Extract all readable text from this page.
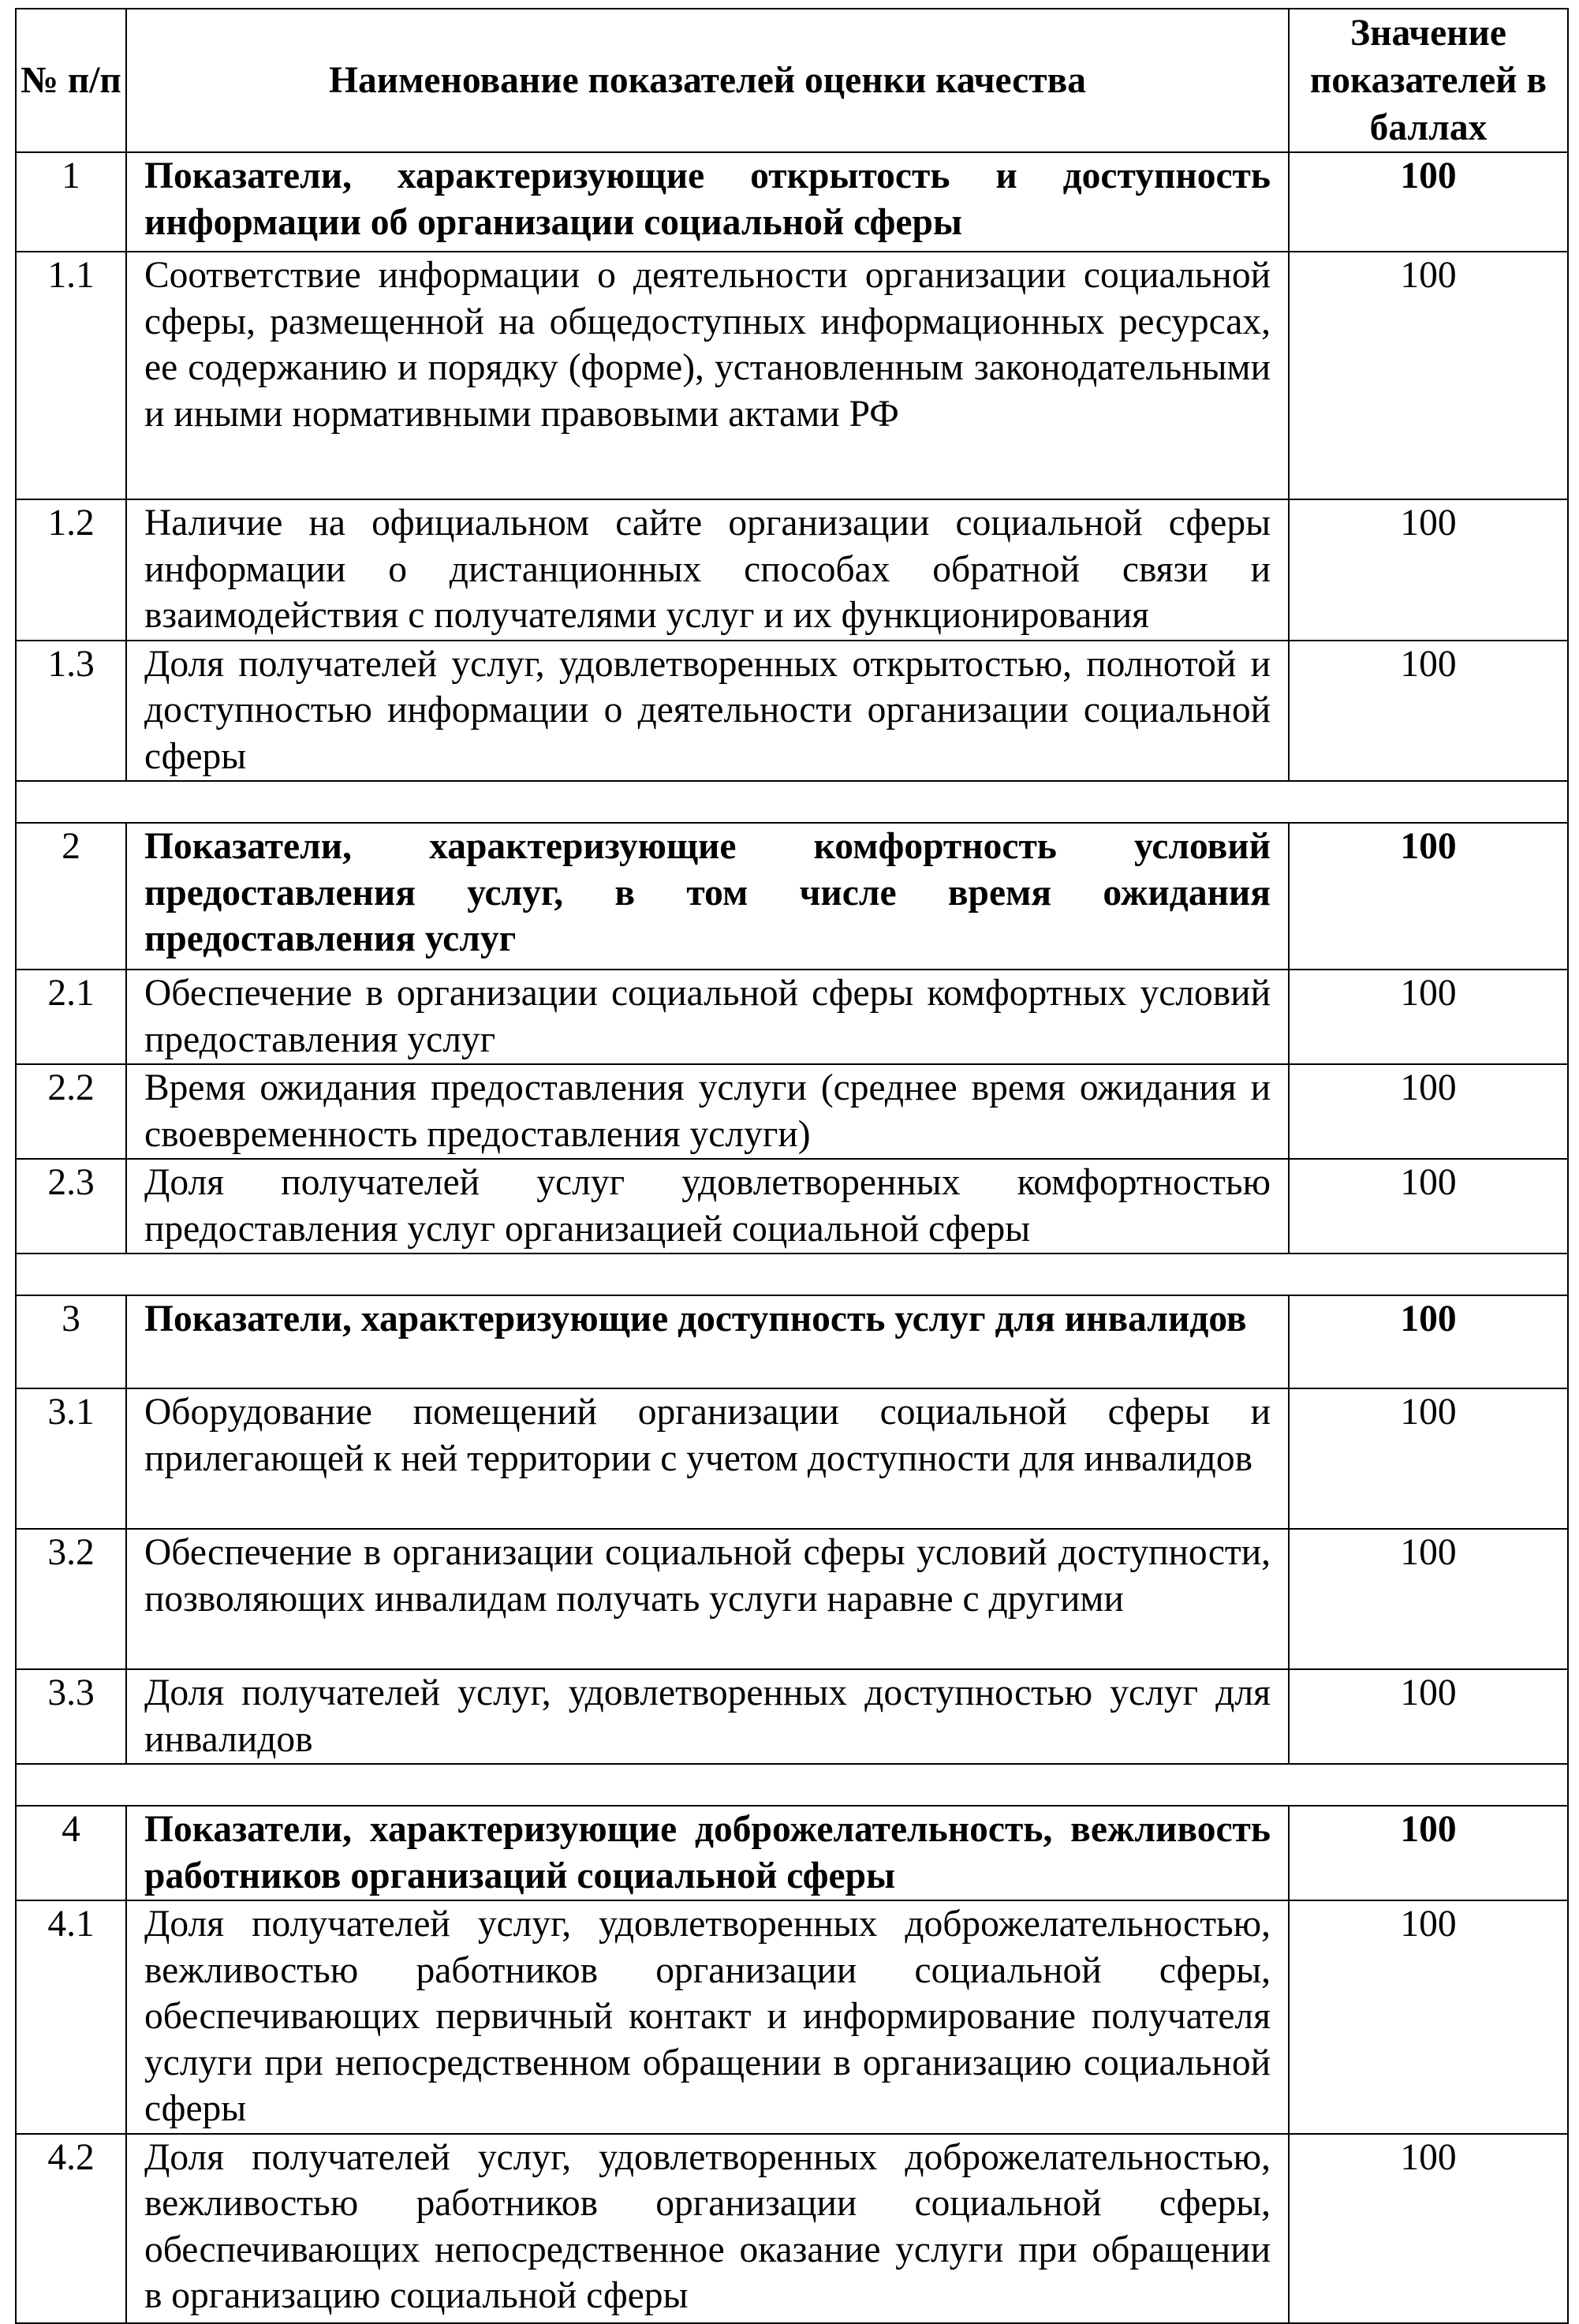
№ п/п	Наименование показателей оценки качества	Значение показателей в баллах
1	Показатели, характеризующие открытость и доступность информации об организации социальной сферы	100
1.1	Соответствие информации о деятельности организации социальной сферы, размещенной на общедоступных информационных ресурсах, ее содержанию и порядку (форме), установленным законодательными и иными нормативными правовыми актами РФ	100
1.2	Наличие на официальном сайте организации социальной сферы информации о дистанционных способах обратной связи и взаимодействия с получателями услуг и их функционирования	100
1.3	Доля получателей услуг, удовлетворенных открытостью, полнотой и доступностью информации о деятельности организации социальной сферы	100

2	Показатели, характеризующие комфортность условий предоставления услуг, в том числе время ожидания предоставления услуг	100
2.1	Обеспечение в организации социальной сферы комфортных условий предоставления услуг	100
2.2	Время ожидания предоставления услуги (среднее время ожидания и своевременность предоставления услуги)	100
2.3	Доля получателей услуг удовлетворенных комфортностью предоставления услуг организацией социальной сферы	100

3	Показатели, характеризующие доступность услуг для инвалидов	100
3.1	Оборудование помещений организации социальной сферы и прилегающей к ней территории с учетом доступности для инвалидов	100
3.2	Обеспечение в организации социальной сферы условий доступности, позволяющих инвалидам получать услуги наравне с другими	100
3.3	Доля получателей услуг, удовлетворенных доступностью услуг для инвалидов	100

4	Показатели, характеризующие доброжелательность, вежливость работников организаций социальной сферы	100
4.1	Доля получателей услуг, удовлетворенных доброжелательностью, вежливостью работников организации социальной сферы, обеспечивающих первичный контакт и информирование получателя услуги при непосредственном обращении в организацию социальной сферы	100
4.2	Доля получателей услуг, удовлетворенных доброжелательностью, вежливостью работников организации социальной сферы, обеспечивающих непосредственное оказание услуги при обращении в организацию социальной сферы	100
